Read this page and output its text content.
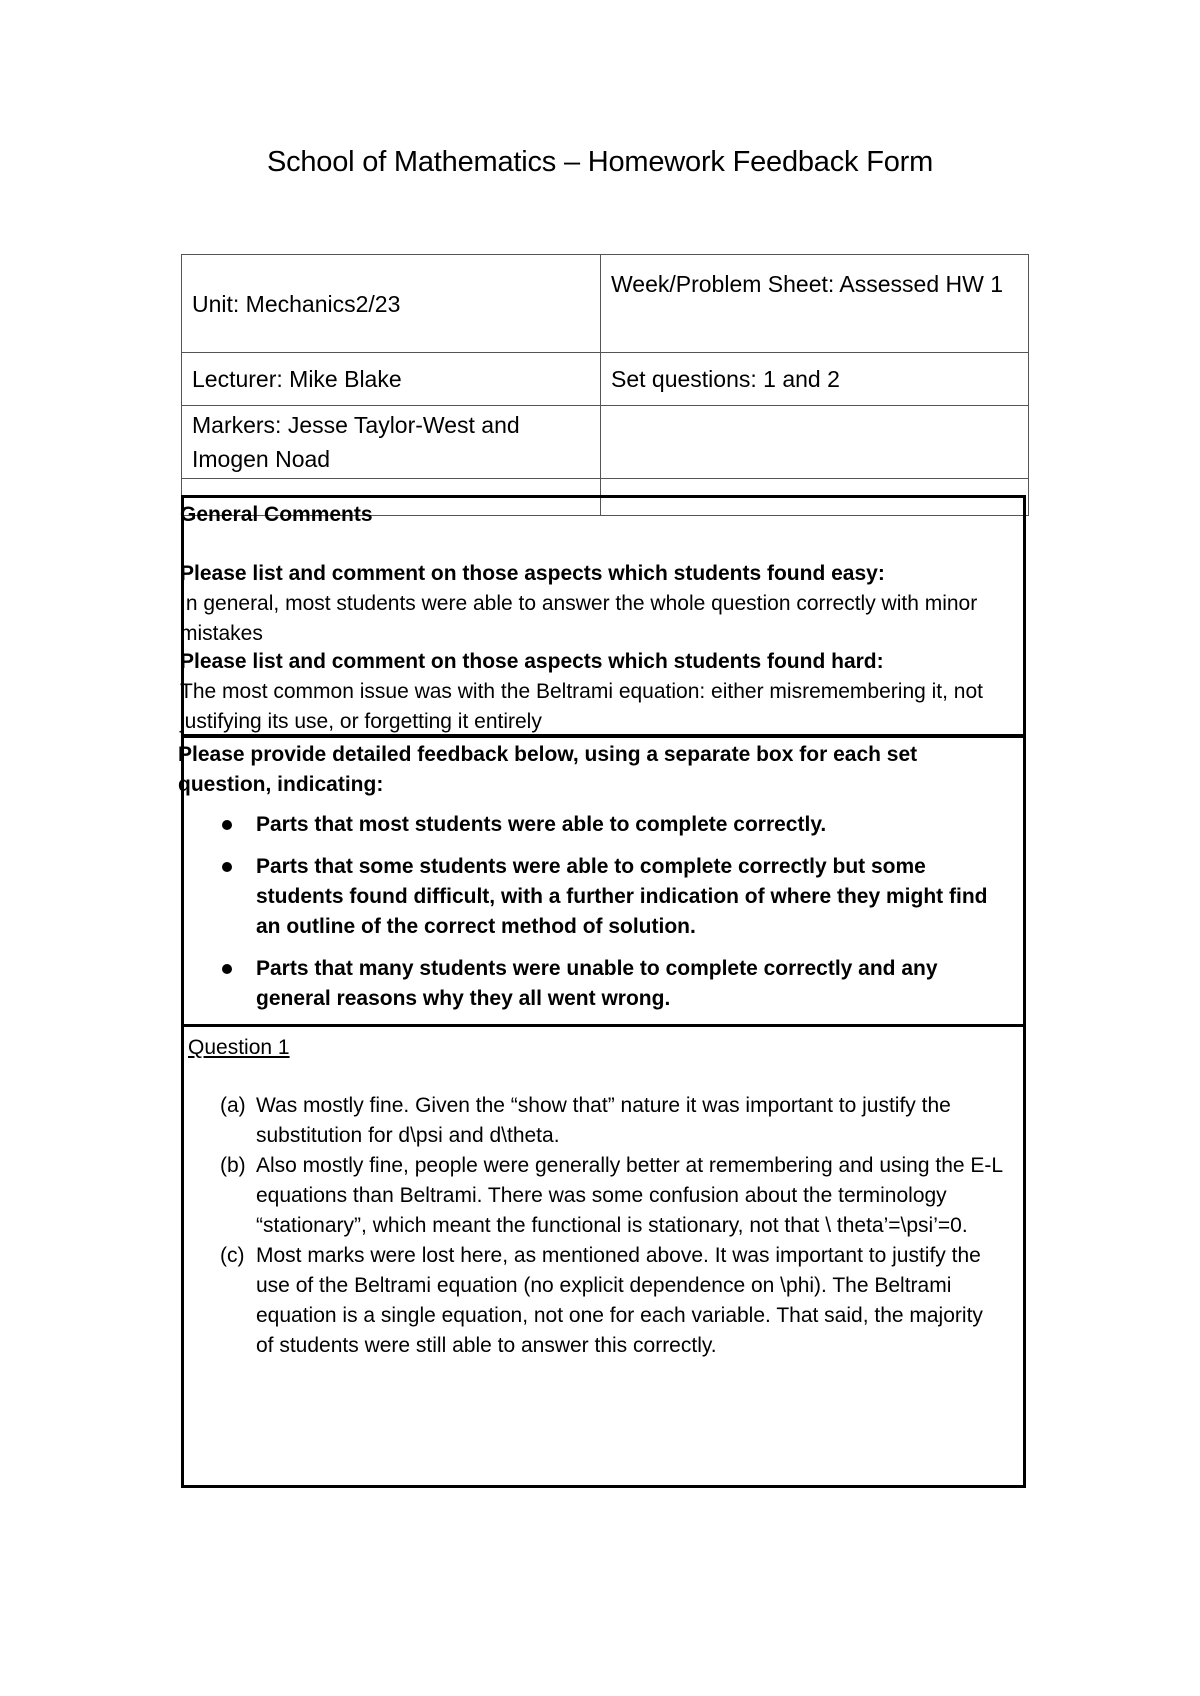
School of Mathematics – Homework Feedback Form
Unit: Mechanics2/23	Week/Problem Sheet: Assessed HW 1
Lecturer: Mike Blake	Set questions: 1 and 2
Markers: Jesse Taylor-West and Imogen Noad	

General Comments
Please list and comment on those aspects which students found easy:
In general, most students were able to answer the whole question correctly with minor mistakes
Please list and comment on those aspects which students found hard:
The most common issue was with the Beltrami equation: either misremembering it, not justifying its use, or forgetting it entirely
Please provide detailed feedback below, using a separate box for each set question, indicating:
Parts that most students were able to complete correctly.
Parts that some students were able to complete correctly but some students found difficult, with a further indication of where they might find an outline of the correct method of solution.
Parts that many students were unable to complete correctly and any general reasons why they all went wrong.
Question 1
(a) Was mostly fine. Given the “show that” nature it was important to justify the substitution for d\psi and d\theta.
(b) Also mostly fine, people were generally better at remembering and using the E-L equations than Beltrami. There was some confusion about the terminology “stationary”, which meant the functional is stationary, not that \ theta’=\psi’=0.
(c) Most marks were lost here, as mentioned above. It was important to justify the use of the Beltrami equation (no explicit dependence on \phi). The Beltrami equation is a single equation, not one for each variable. That said, the majority of students were still able to answer this correctly.
